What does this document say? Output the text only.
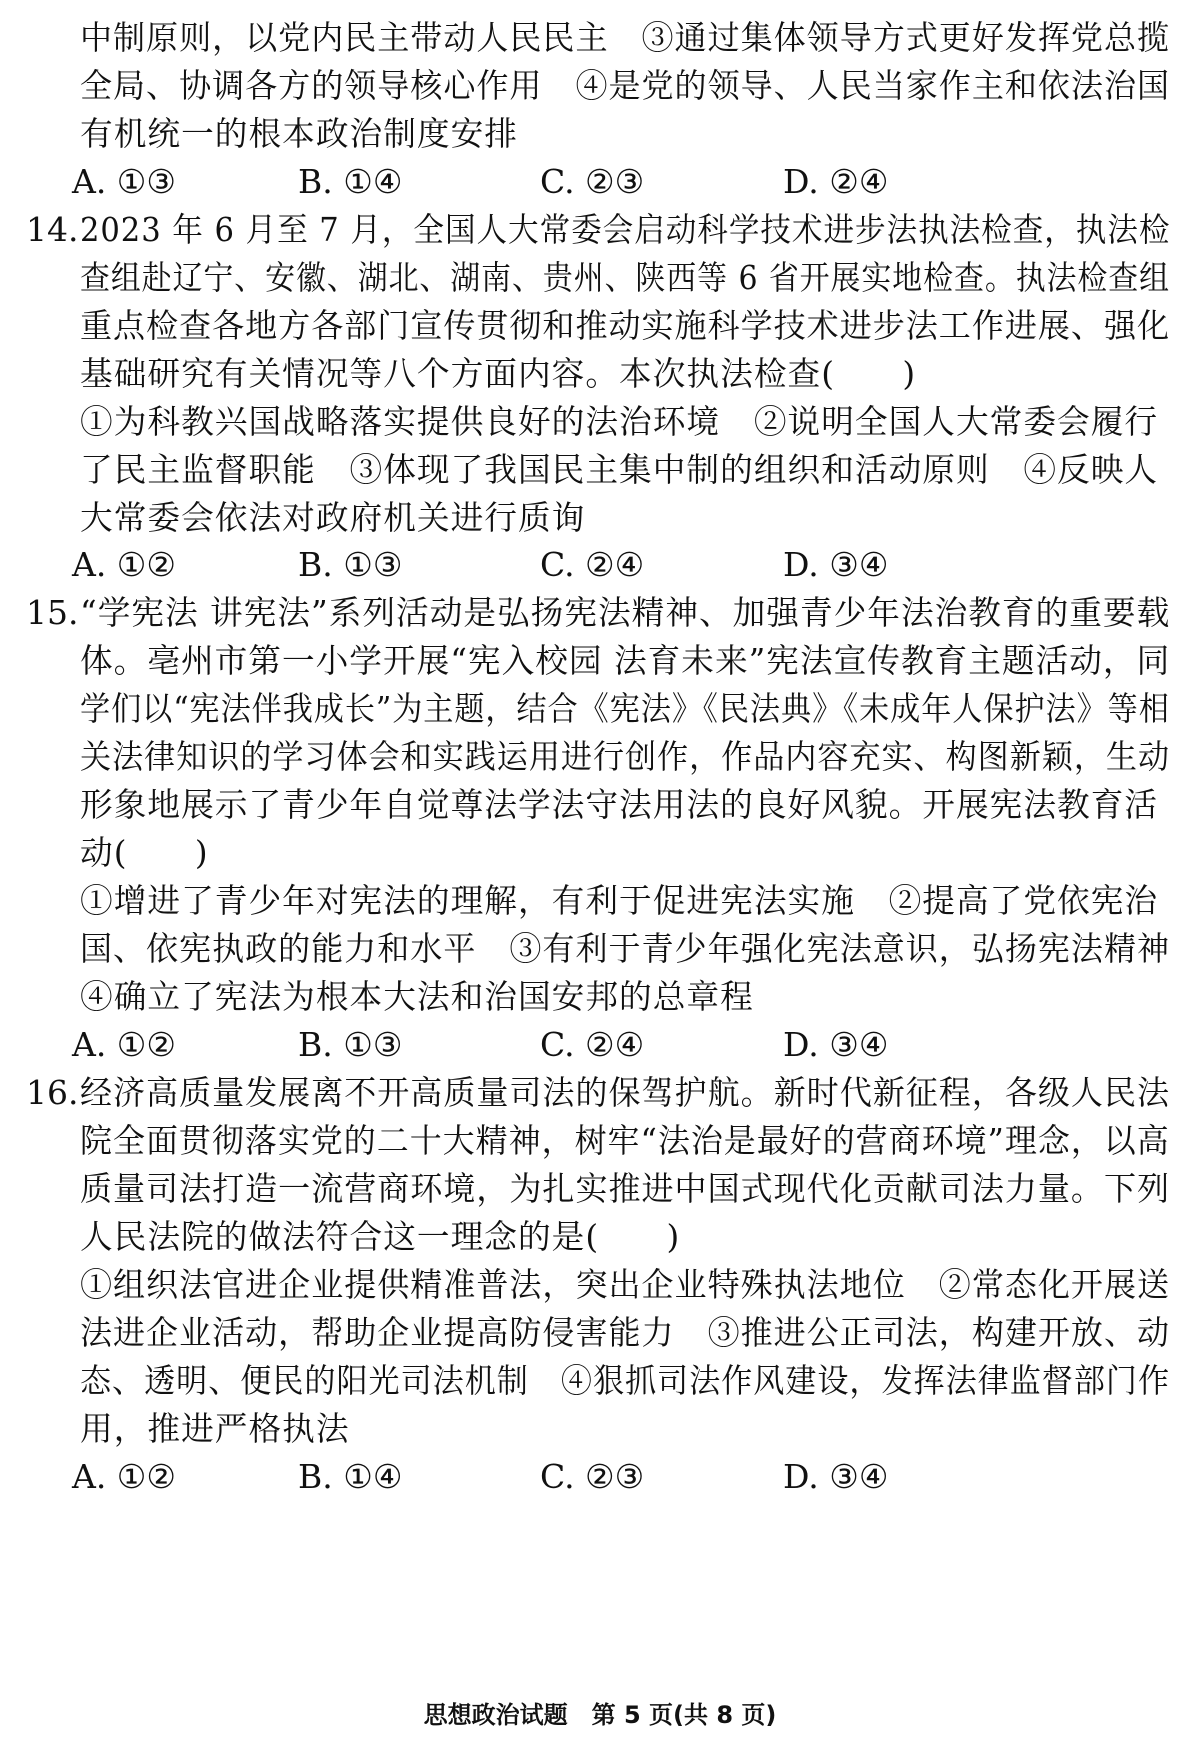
中制原则，以党内民主带动人民民主　③通过集体领导方式更好发挥党总揽
全局、协调各方的领导核心作用　④是党的领导、人民当家作主和依法治国
有机统一的根本政治制度安排
A. ①③	B. ①④	C. ②③	D. ②④
14. 2023 年 6 月至 7 月，全国人大常委会启动科学技术进步法执法检查，执法检
查组赴辽宁、安徽、湖北、湖南、贵州、陕西等 6 省开展实地检查。执法检查组
重点检查各地方各部门宣传贯彻和推动实施科学技术进步法工作进展、强化
基础研究有关情况等八个方面内容。本次执法检查(　　)
①为科教兴国战略落实提供良好的法治环境　②说明全国人大常委会履行
了民主监督职能　③体现了我国民主集中制的组织和活动原则　④反映人
大常委会依法对政府机关进行质询
A. ①②	B. ①③	C. ②④	D. ③④
15. “学宪法 讲宪法”系列活动是弘扬宪法精神、加强青少年法治教育的重要载
体。亳州市第一小学开展“宪入校园 法育未来”宪法宣传教育主题活动，同
学们以“宪法伴我成长”为主题，结合《宪法》《民法典》《未成年人保护法》等相
关法律知识的学习体会和实践运用进行创作，作品内容充实、构图新颖，生动
形象地展示了青少年自觉尊法学法守法用法的良好风貌。开展宪法教育活
动(　　)
①增进了青少年对宪法的理解，有利于促进宪法实施　②提高了党依宪治
国、依宪执政的能力和水平　③有利于青少年强化宪法意识，弘扬宪法精神
④确立了宪法为根本大法和治国安邦的总章程
A. ①②	B. ①③	C. ②④	D. ③④
16. 经济高质量发展离不开高质量司法的保驾护航。新时代新征程，各级人民法
院全面贯彻落实党的二十大精神，树牢“法治是最好的营商环境”理念，以高
质量司法打造一流营商环境，为扎实推进中国式现代化贡献司法力量。下列
人民法院的做法符合这一理念的是(　　)
①组织法官进企业提供精准普法，突出企业特殊执法地位　②常态化开展送
法进企业活动，帮助企业提高防侵害能力　③推进公正司法，构建开放、动
态、透明、便民的阳光司法机制　④狠抓司法作风建设，发挥法律监督部门作
用，推进严格执法
A. ①②	B. ①④	C. ②③	D. ③④
思想政治试题　第 5 页(共 8 页)
